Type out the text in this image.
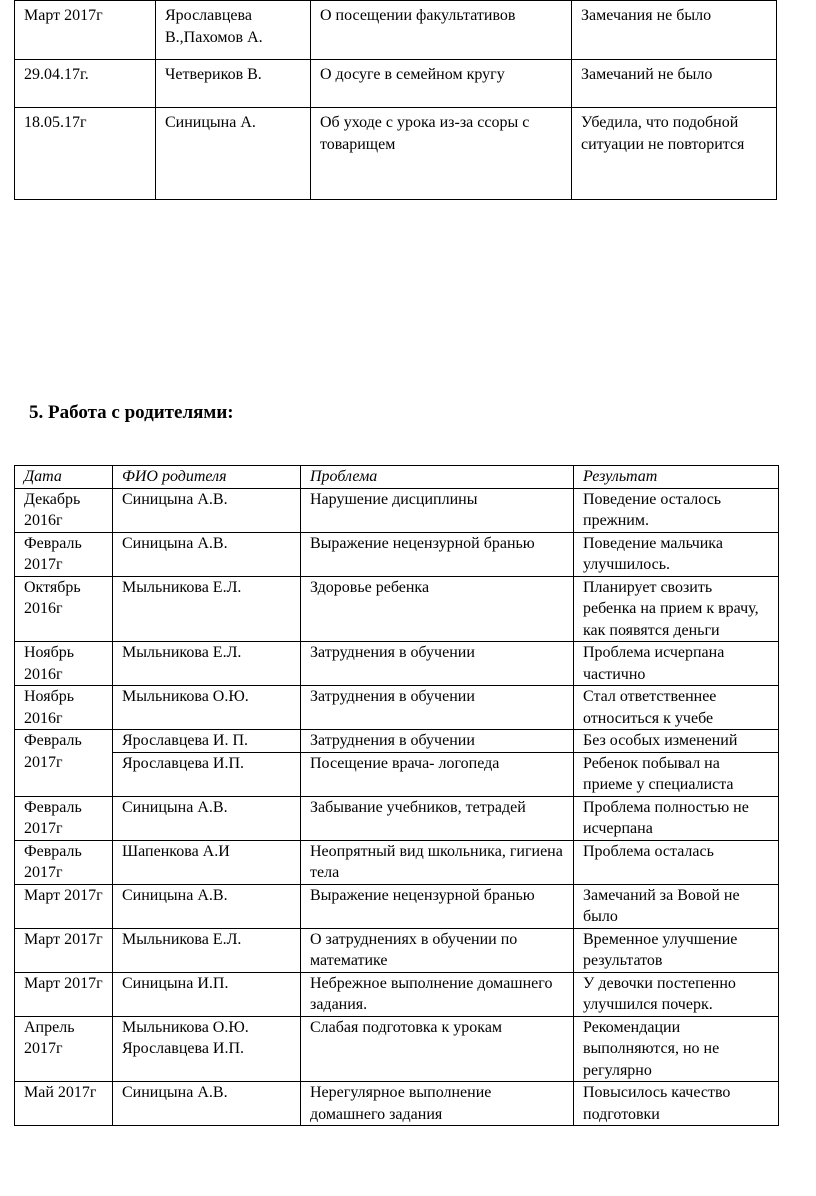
Март 2017г	Ярославцева В.,Пахомов А.	О посещении факультативов	Замечания не было
29.04.17г.	Четвериков В.	О досуге в семейном кругу	Замечаний не было
18.05.17г	Синицына А.	Об уходе с урока из-за ссоры с товарищем	Убедила, что подобной ситуации не повторится

5. Работа с родителями:

Дата	ФИО родителя	Проблема	Результат
Декабрь 2016г	Синицына А.В.	Нарушение дисциплины	Поведение осталось прежним.
Февраль 2017г	Синицына А.В.	Выражение нецензурной бранью	Поведение мальчика улучшилось.
Октябрь 2016г	Мыльникова Е.Л.	Здоровье ребенка	Планирует свозить ребенка на прием к врачу, как появятся деньги
Ноябрь 2016г	Мыльникова Е.Л.	Затруднения в обучении	Проблема исчерпана частично
Ноябрь 2016г	Мыльникова О.Ю.	Затруднения в обучении	Стал ответственнее относиться к учебе
Февраль 2017г	Ярославцева И. П.	Затруднения в обучении	Без особых изменений
	Ярославцева И.П.	Посещение врача- логопеда	Ребенок побывал на приеме у специалиста
Февраль 2017г	Синицына А.В.	Забывание учебников, тетрадей	Проблема полностью не исчерпана
Февраль 2017г	Шапенкова А.И	Неопрятный вид школьника, гигиена тела	Проблема осталась
Март 2017г	Синицына А.В.	Выражение нецензурной бранью	Замечаний за Вовой не было
Март 2017г	Мыльникова Е.Л.	О затруднениях в обучении по математике	Временное улучшение результатов
Март 2017г	Синицына И.П.	Небрежное выполнение домашнего задания.	У девочки постепенно улучшился почерк.
Апрель 2017г	Мыльникова О.Ю. Ярославцева И.П.	Слабая подготовка к урокам	Рекомендации выполняются, но не регулярно
Май 2017г	Синицына А.В.	Нерегулярное выполнение домашнего задания	Повысилось качество подготовки
